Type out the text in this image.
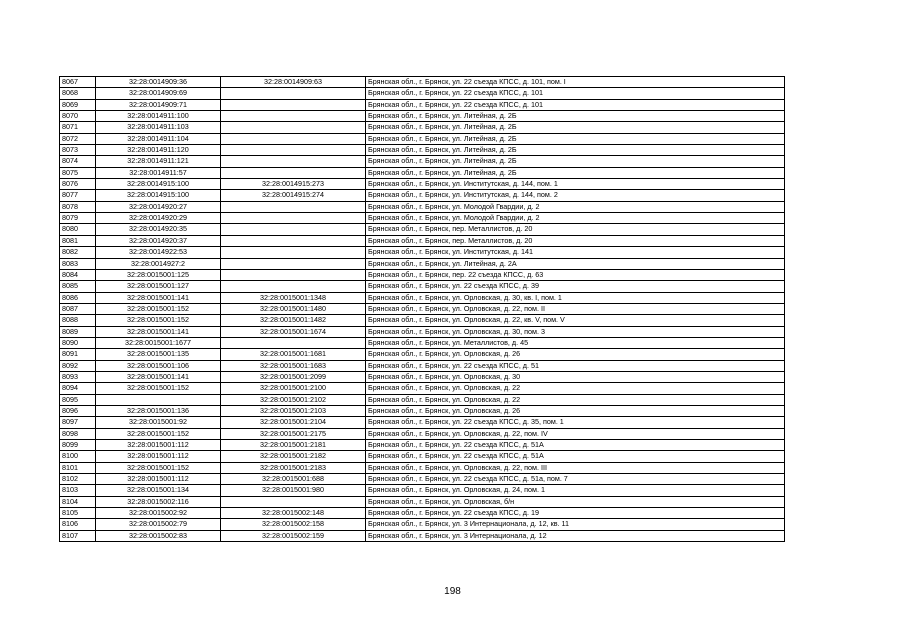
8067	32:28:0014909:36	32:28:0014909:63	Брянская обл., г. Брянск, ул. 22 съезда КПСС, д. 101, пом. I
8068	32:28:0014909:69		Брянская обл., г. Брянск, ул. 22 съезда КПСС, д. 101
8069	32:28:0014909:71		Брянская обл., г. Брянск, ул. 22 съезда КПСС, д. 101
8070	32:28:0014911:100		Брянская обл., г. Брянск, ул. Литейная, д. 2Б
8071	32:28:0014911:103		Брянская обл., г. Брянск, ул. Литейная, д. 2Б
8072	32:28:0014911:104		Брянская обл., г. Брянск, ул. Литейная, д. 2Б
8073	32:28:0014911:120		Брянская обл., г. Брянск, ул. Литейная, д. 2Б
8074	32:28:0014911:121		Брянская обл., г. Брянск, ул. Литейная, д. 2Б
8075	32:28:0014911:57		Брянская обл., г. Брянск, ул. Литейная, д. 2Б
8076	32:28:0014915:100	32:28:0014915:273	Брянская обл., г. Брянск, ул. Институтская, д. 144, пом. 1
8077	32:28:0014915:100	32:28:0014915:274	Брянская обл., г. Брянск, ул. Институтская, д. 144, пом. 2
8078	32:28:0014920:27		Брянская обл., г. Брянск, ул. Молодой Гвардии, д. 2
8079	32:28:0014920:29		Брянская обл., г. Брянск, ул. Молодой Гвардии, д. 2
8080	32:28:0014920:35		Брянская обл., г. Брянск, пер. Металлистов, д. 20
8081	32:28:0014920:37		Брянская обл., г. Брянск, пер. Металлистов, д. 20
8082	32:28:0014922:53		Брянская обл., г. Брянск, ул. Институтская, д. 141
8083	32:28:0014927:2		Брянская обл., г. Брянск, ул. Литейная, д. 2А
8084	32:28:0015001:125		Брянская обл., г. Брянск, пер. 22 съезда КПСС, д. 63
8085	32:28:0015001:127		Брянская обл., г. Брянск, ул. 22 съезда КПСС, д. 39
8086	32:28:0015001:141	32:28:0015001:1348	Брянская обл., г. Брянск, ул. Орловская, д. 30, кв. I, пом. 1
8087	32:28:0015001:152	32:28:0015001:1480	Брянская обл., г. Брянск, ул. Орловская, д. 22, пом. II
8088	32:28:0015001:152	32:28:0015001:1482	Брянская обл., г. Брянск, ул. Орловская, д. 22, кв. V, пом. V
8089	32:28:0015001:141	32:28:0015001:1674	Брянская обл., г. Брянск, ул. Орловская, д. 30, пом. 3
8090	32:28:0015001:1677		Брянская обл., г. Брянск, ул. Металлистов, д. 45
8091	32:28:0015001:135	32:28:0015001:1681	Брянская обл., г. Брянск, ул. Орловская, д. 26
8092	32:28:0015001:106	32:28:0015001:1683	Брянская обл., г. Брянск, ул. 22 съезда КПСС, д. 51
8093	32:28:0015001:141	32:28:0015001:2099	Брянская обл., г. Брянск, ул. Орловская, д. 30
8094	32:28:0015001:152	32:28:0015001:2100	Брянская обл., г. Брянск, ул. Орловская, д. 22
8095		32:28:0015001:2102	Брянская обл., г. Брянск, ул. Орловская, д. 22
8096	32:28:0015001:136	32:28:0015001:2103	Брянская обл., г. Брянск, ул. Орловская, д. 26
8097	32:28:0015001:92	32:28:0015001:2104	Брянская обл., г. Брянск, ул. 22 съезда КПСС, д. 35, пом. 1
8098	32:28:0015001:152	32:28:0015001:2175	Брянская обл., г. Брянск, ул. Орловская, д. 22, пом. IV
8099	32:28:0015001:112	32:28:0015001:2181	Брянская обл., г. Брянск, ул. 22 съезда КПСС, д. 51А
8100	32:28:0015001:112	32:28:0015001:2182	Брянская обл., г. Брянск, ул. 22 съезда КПСС, д. 51А
8101	32:28:0015001:152	32:28:0015001:2183	Брянская обл., г. Брянск, ул. Орловская, д. 22, пом. III
8102	32:28:0015001:112	32:28:0015001:688	Брянская обл., г. Брянск, ул. 22 съезда КПСС, д. 51а, пом. 7
8103	32:28:0015001:134	32:28:0015001:980	Брянская обл., г. Брянск, ул. Орловская, д. 24, пом. 1
8104	32:28:0015002:116		Брянская обл., г. Брянск, ул. Орловская, б/н
8105	32:28:0015002:92	32:28:0015002:148	Брянская обл., г. Брянск, ул. 22 съезда КПСС, д. 19
8106	32:28:0015002:79	32:28:0015002:158	Брянская обл., г. Брянск, ул. 3 Интернационала, д. 12, кв. 11
8107	32:28:0015002:83	32:28:0015002:159	Брянская обл., г. Брянск, ул. 3 Интернационала, д. 12
198
